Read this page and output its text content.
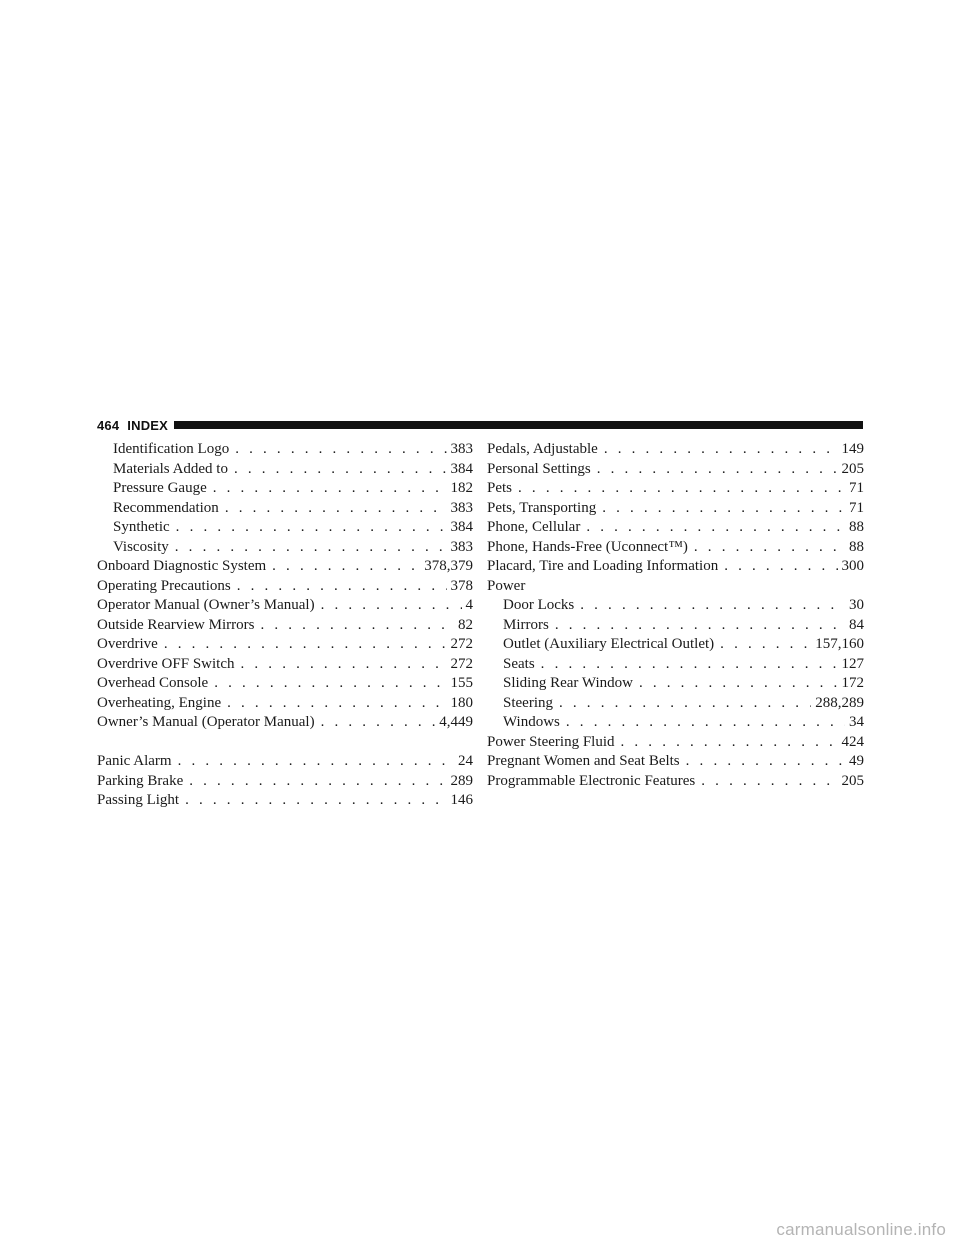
464 INDEX
Identification Logo . . .	383
Materials Added to . . .	384
Pressure Gauge . . .	182
Recommendation . . .	383
Synthetic . . .	384
Viscosity . . .	383
Onboard Diagnostic System . . .	378,379
Operating Precautions . . .	378
Operator Manual (Owner’s Manual) . . .	4
Outside Rearview Mirrors . . .	82
Overdrive . . .	272
Overdrive OFF Switch . . .	272
Overhead Console . . .	155
Overheating, Engine . . .	180
Owner’s Manual (Operator Manual) . . .	4,449
Panic Alarm . . .	24
Parking Brake . . .	289
Passing Light . . .	146
Pedals, Adjustable . . .	149
Personal Settings . . .	205
Pets . . .	71
Pets, Transporting . . .	71
Phone, Cellular . . .	88
Phone, Hands-Free (Uconnect™) . . .	88
Placard, Tire and Loading Information . . .	300
Power
Door Locks . . .	30
Mirrors . . .	84
Outlet (Auxiliary Electrical Outlet) . . .	157,160
Seats . . .	127
Sliding Rear Window . . .	172
Steering . . .	288,289
Windows . . .	34
Power Steering Fluid . . .	424
Pregnant Women and Seat Belts . . .	49
Programmable Electronic Features . . .	205
carmanualsonline.info
